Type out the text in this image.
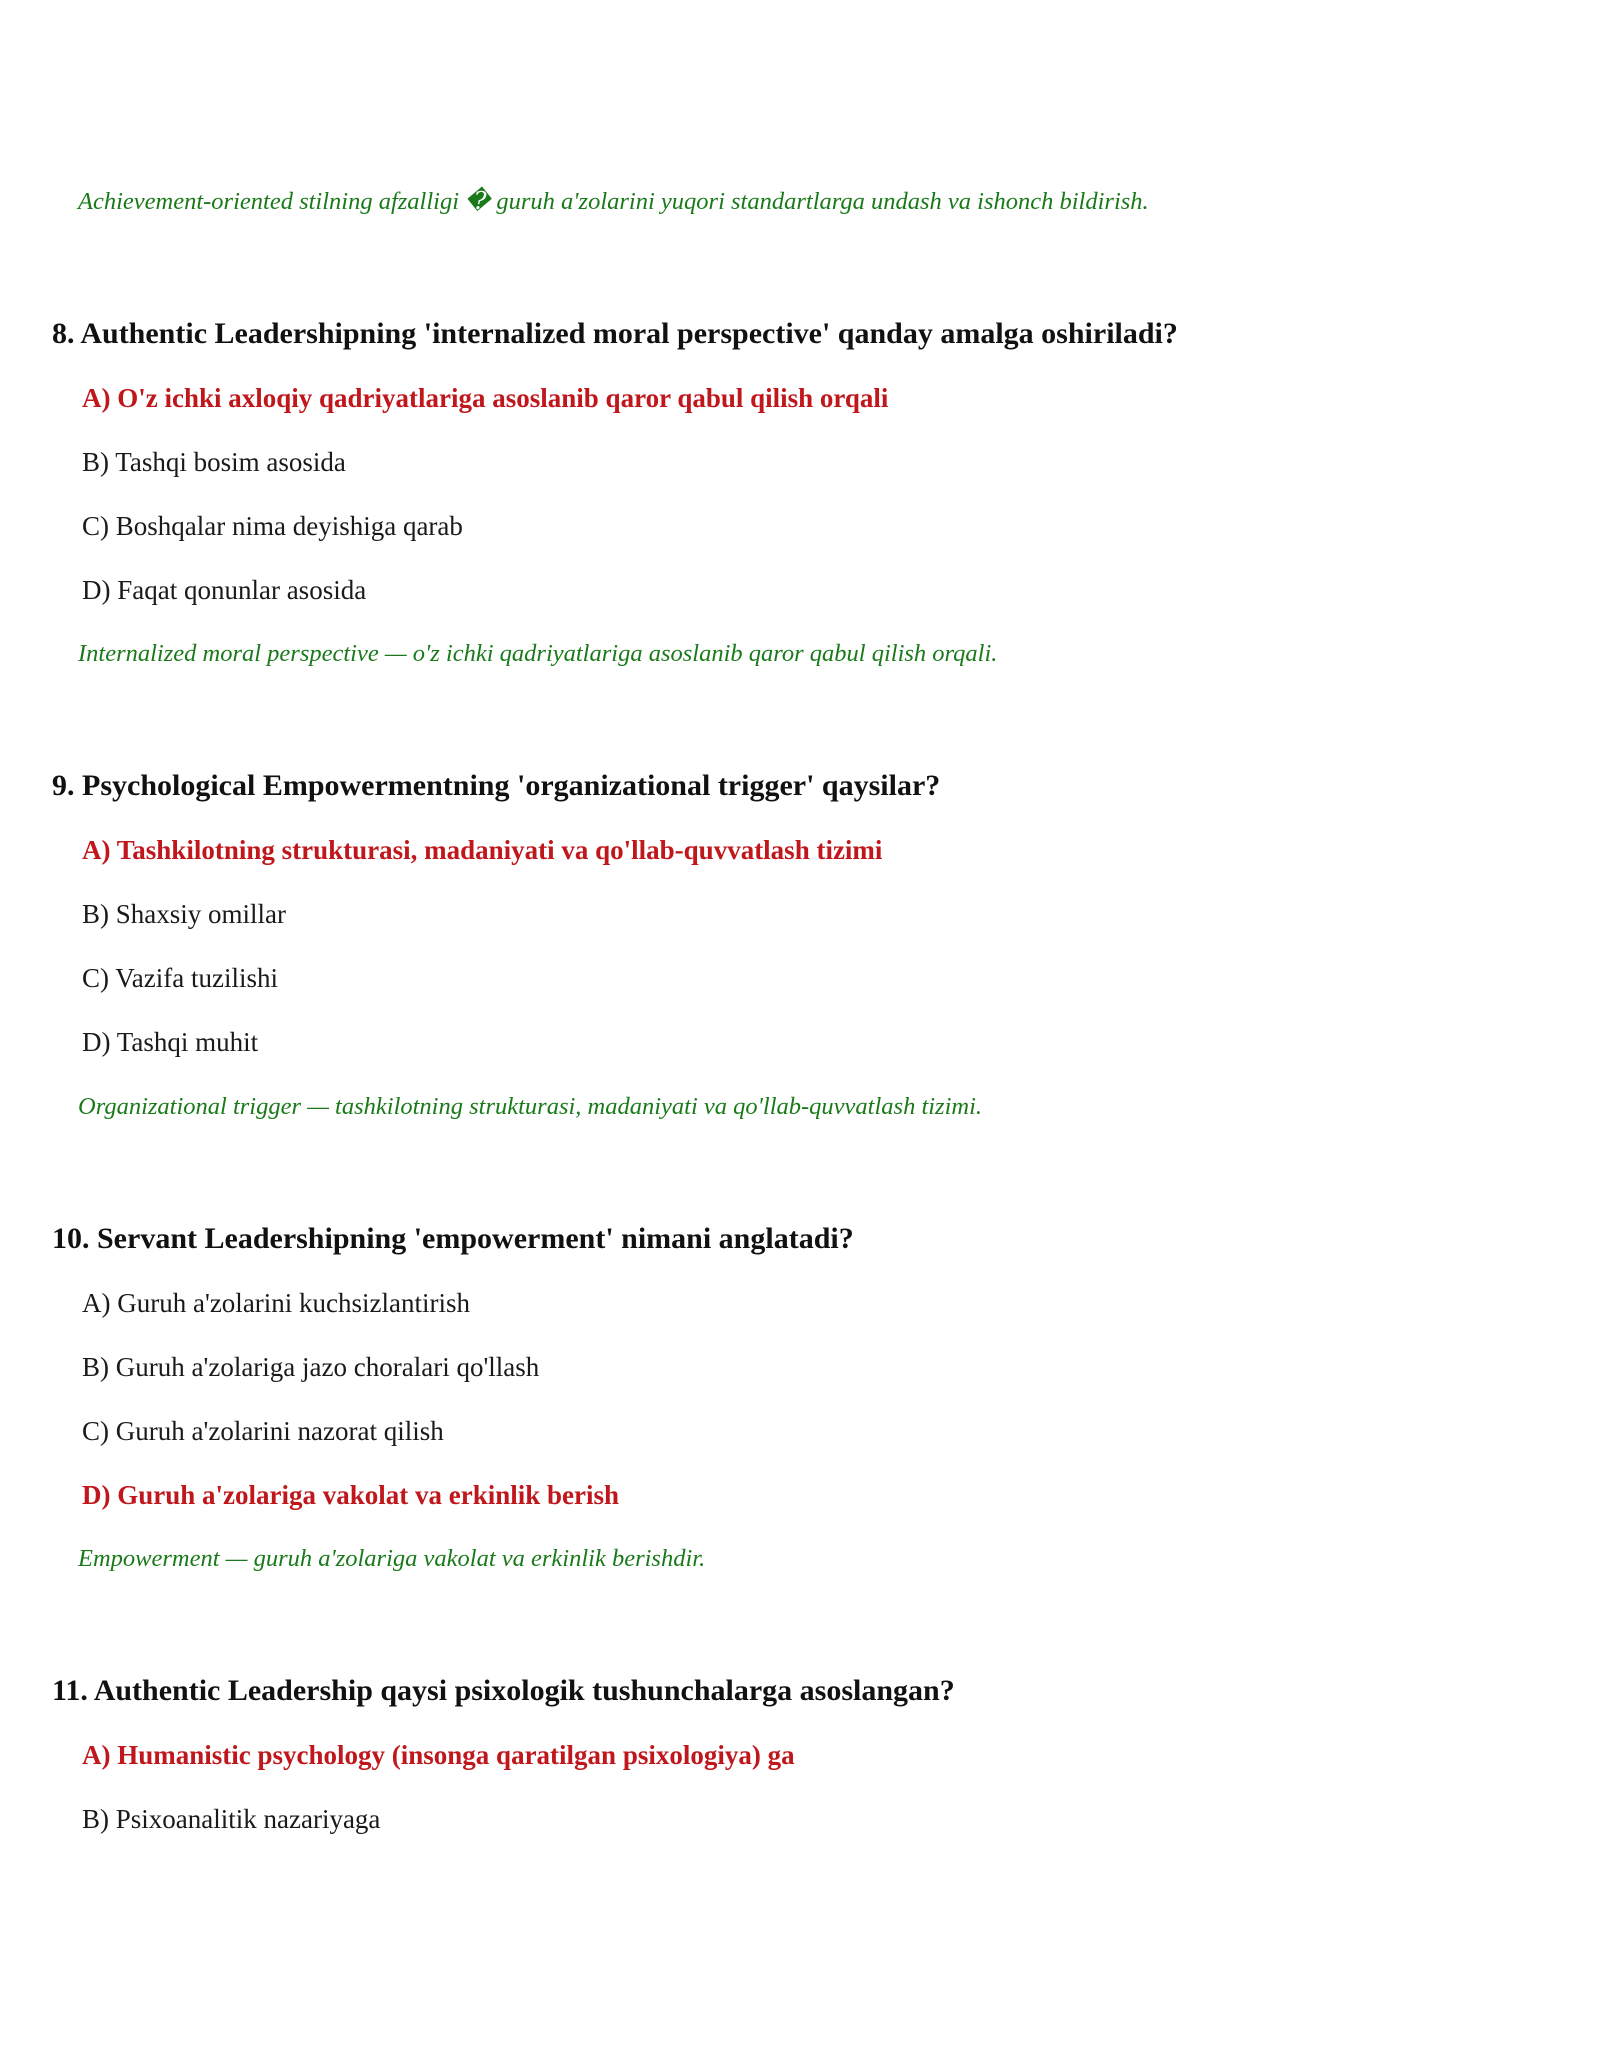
Achievement-oriented stilning afzalligi � guruh a'zolarini yuqori standartlarga undash va ishonch bildirish.
8. Authentic Leadershipning 'internalized moral perspective' qanday amalga oshiriladi?
A) O'z ichki axloqiy qadriyatlariga asoslanib qaror qabul qilish orqali
B) Tashqi bosim asosida
C) Boshqalar nima deyishiga qarab
D) Faqat qonunlar asosida
Internalized moral perspective — o'z ichki qadriyatlariga asoslanib qaror qabul qilish orqali.
9. Psychological Empowermentning 'organizational trigger' qaysilar?
A) Tashkilotning strukturasi, madaniyati va qo'llab-quvvatlash tizimi
B) Shaxsiy omillar
C) Vazifa tuzilishi
D) Tashqi muhit
Organizational trigger — tashkilotning strukturasi, madaniyati va qo'llab-quvvatlash tizimi.
10. Servant Leadershipning 'empowerment' nimani anglatadi?
A) Guruh a'zolarini kuchsizlantirish
B) Guruh a'zolariga jazo choralari qo'llash
C) Guruh a'zolarini nazorat qilish
D) Guruh a'zolariga vakolat va erkinlik berish
Empowerment — guruh a'zolariga vakolat va erkinlik berishdir.
11. Authentic Leadership qaysi psixologik tushunchalarga asoslangan?
A) Humanistic psychology (insonga qaratilgan psixologiya) ga
B) Psixoanalitik nazariyaga
